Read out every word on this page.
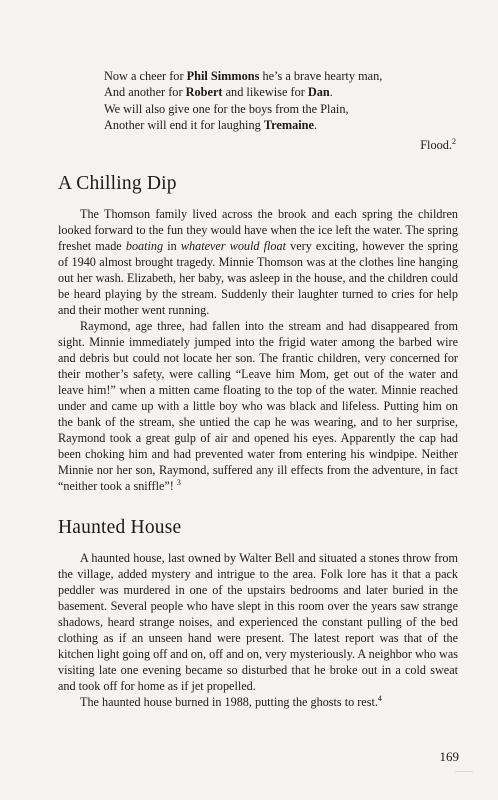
Now a cheer for Phil Simmons he’s a brave hearty man,
And another for Robert and likewise for Dan.
We will also give one for the boys from the Plain,
Another will end it for laughing Tremaine.
Flood.$^2$
A Chilling Dip

The Thomson family lived across the brook and each spring the children looked forward to the fun they would have when the ice left the water. The spring freshet made boating in whatever would float very exciting, however the spring of 1940 almost brought tragedy. Minnie Thomson was at the clothes line hanging out her wash. Elizabeth, her baby, was asleep in the house, and the children could be heard playing by the stream. Suddenly their laughter turned to cries for help and their mother went running.

Raymond, age three, had fallen into the stream and had disappeared from sight. Minnie immediately jumped into the frigid water among the barbed wire and debris but could not locate her son. The frantic children, very concerned for their mother’s safety, were calling “Leave him Mom, get out of the water and leave him!” when a mitten came floating to the top of the water. Minnie reached under and came up with a little boy who was black and lifeless. Putting him on the bank of the stream, she untied the cap he was wearing, and to her surprise, Raymond took a great gulp of air and opened his eyes. Apparently the cap had been choking him and had prevented water from entering his windpipe. Neither Minnie nor her son, Raymond, suffered any ill effects from the adventure, in fact “neither took a sniffle”! $^3$

Haunted House

A haunted house, last owned by Walter Bell and situated a stones throw from the village, added mystery and intrigue to the area. Folk lore has it that a pack peddler was murdered in one of the upstairs bedrooms and later buried in the basement. Several people who have slept in this room over the years saw strange shadows, heard strange noises, and experienced the constant pulling of the bed clothing as if an unseen hand were present. The latest report was that of the kitchen light going off and on, off and on, very mysteriously. A neighbor who was visiting late one evening became so disturbed that he broke out in a cold sweat and took off for home as if jet propelled.

The haunted house burned in 1988, putting the ghosts to rest.$^4$

169
